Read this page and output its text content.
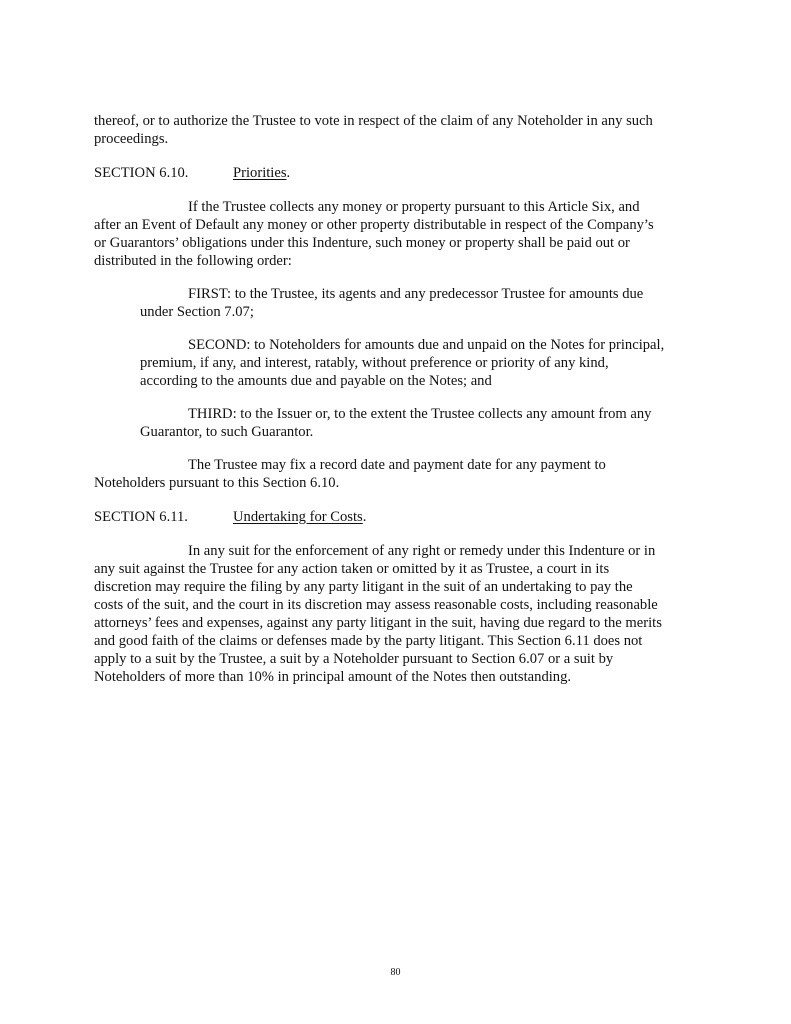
thereof, or to authorize the Trustee to vote in respect of the claim of any Noteholder in any such
proceedings.
SECTION 6.10.	Priorities.
If the Trustee collects any money or property pursuant to this Article Six, and
after an Event of Default any money or other property distributable in respect of the Company’s
or Guarantors’ obligations under this Indenture, such money or property shall be paid out or
distributed in the following order:
FIRST: to the Trustee, its agents and any predecessor Trustee for amounts due
under Section 7.07;
SECOND: to Noteholders for amounts due and unpaid on the Notes for principal,
premium, if any, and interest, ratably, without preference or priority of any kind,
according to the amounts due and payable on the Notes; and
THIRD: to the Issuer or, to the extent the Trustee collects any amount from any
Guarantor, to such Guarantor.
The Trustee may fix a record date and payment date for any payment to
Noteholders pursuant to this Section 6.10.
SECTION 6.11.	Undertaking for Costs.
In any suit for the enforcement of any right or remedy under this Indenture or in
any suit against the Trustee for any action taken or omitted by it as Trustee, a court in its
discretion may require the filing by any party litigant in the suit of an undertaking to pay the
costs of the suit, and the court in its discretion may assess reasonable costs, including reasonable
attorneys’ fees and expenses, against any party litigant in the suit, having due regard to the merits
and good faith of the claims or defenses made by the party litigant. This Section 6.11 does not
apply to a suit by the Trustee, a suit by a Noteholder pursuant to Section 6.07 or a suit by
Noteholders of more than 10% in principal amount of the Notes then outstanding.
80
